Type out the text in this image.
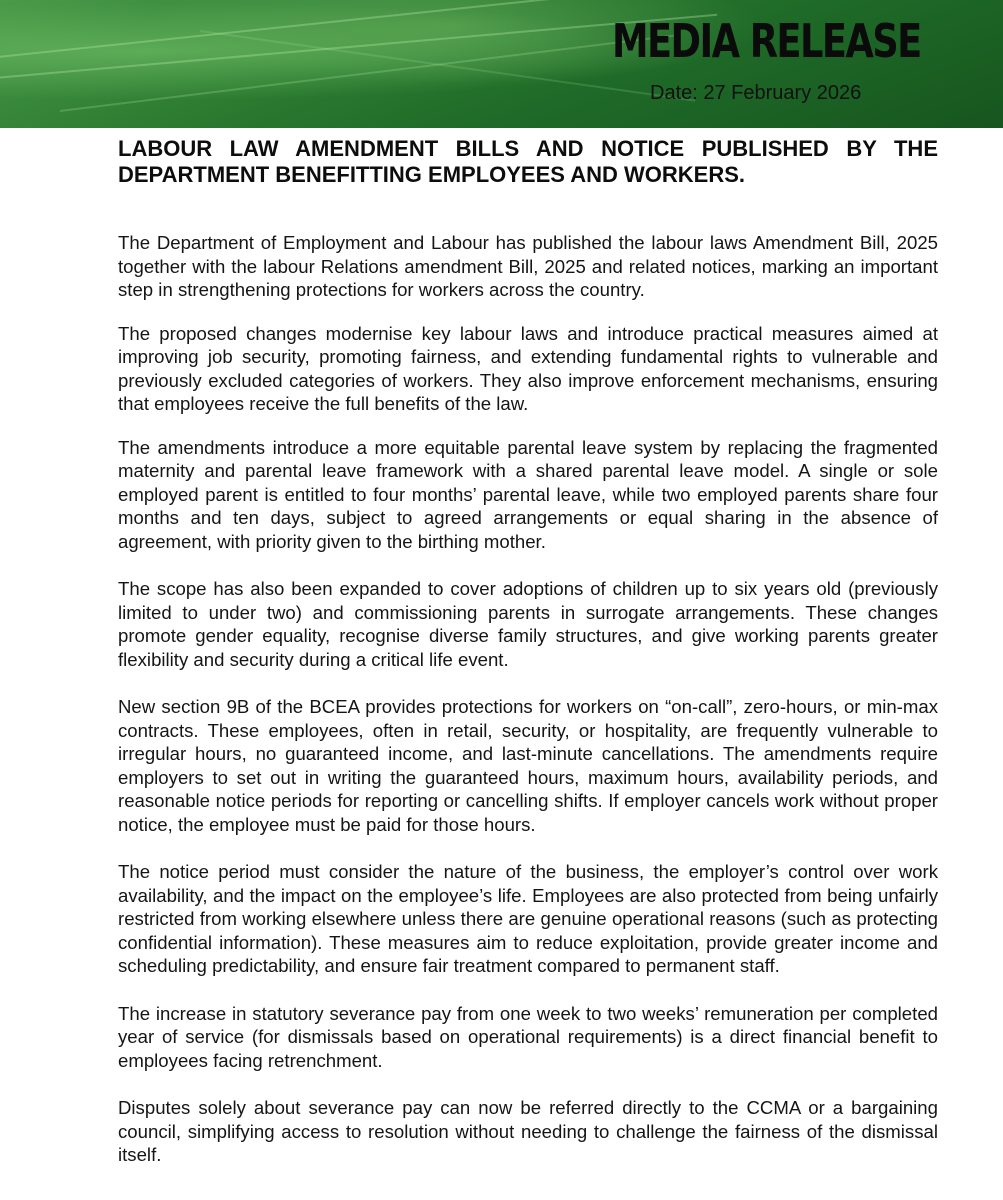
MEDIA RELEASE
Date: 27 February 2026
LABOUR LAW AMENDMENT BILLS AND NOTICE PUBLISHED BY THE DEPARTMENT BENEFITTING EMPLOYEES AND WORKERS.

The Department of Employment and Labour has published the labour laws Amendment Bill, 2025 together with the labour Relations amendment Bill, 2025 and related notices, marking an important step in strengthening protections for workers across the country.

The proposed changes modernise key labour laws and introduce practical measures aimed at improving job security, promoting fairness, and extending fundamental rights to vulnerable and previously excluded categories of workers. They also improve enforcement mechanisms, ensuring that employees receive the full benefits of the law.

The amendments introduce a more equitable parental leave system by replacing the fragmented maternity and parental leave framework with a shared parental leave model. A single or sole employed parent is entitled to four months’ parental leave, while two employed parents share four months and ten days, subject to agreed arrangements or equal sharing in the absence of agreement, with priority given to the birthing mother.

The scope has also been expanded to cover adoptions of children up to six years old (previously limited to under two) and commissioning parents in surrogate arrangements. These changes promote gender equality, recognise diverse family structures, and give working parents greater flexibility and security during a critical life event.

New section 9B of the BCEA provides protections for workers on “on-call”, zero-hours, or min-max contracts. These employees, often in retail, security, or hospitality, are frequently vulnerable to irregular hours, no guaranteed income, and last-minute cancellations. The amendments require employers to set out in writing the guaranteed hours, maximum hours, availability periods, and reasonable notice periods for reporting or cancelling shifts. If employer cancels work without proper notice, the employee must be paid for those hours.

The notice period must consider the nature of the business, the employer’s control over work availability, and the impact on the employee’s life. Employees are also protected from being unfairly restricted from working elsewhere unless there are genuine operational reasons (such as protecting confidential information). These measures aim to reduce exploitation, provide greater income and scheduling predictability, and ensure fair treatment compared to permanent staff.

The increase in statutory severance pay from one week to two weeks’ remuneration per completed year of service (for dismissals based on operational requirements) is a direct financial benefit to employees facing retrenchment.

Disputes solely about severance pay can now be referred directly to the CCMA or a bargaining council, simplifying access to resolution without needing to challenge the fairness of the dismissal itself.
